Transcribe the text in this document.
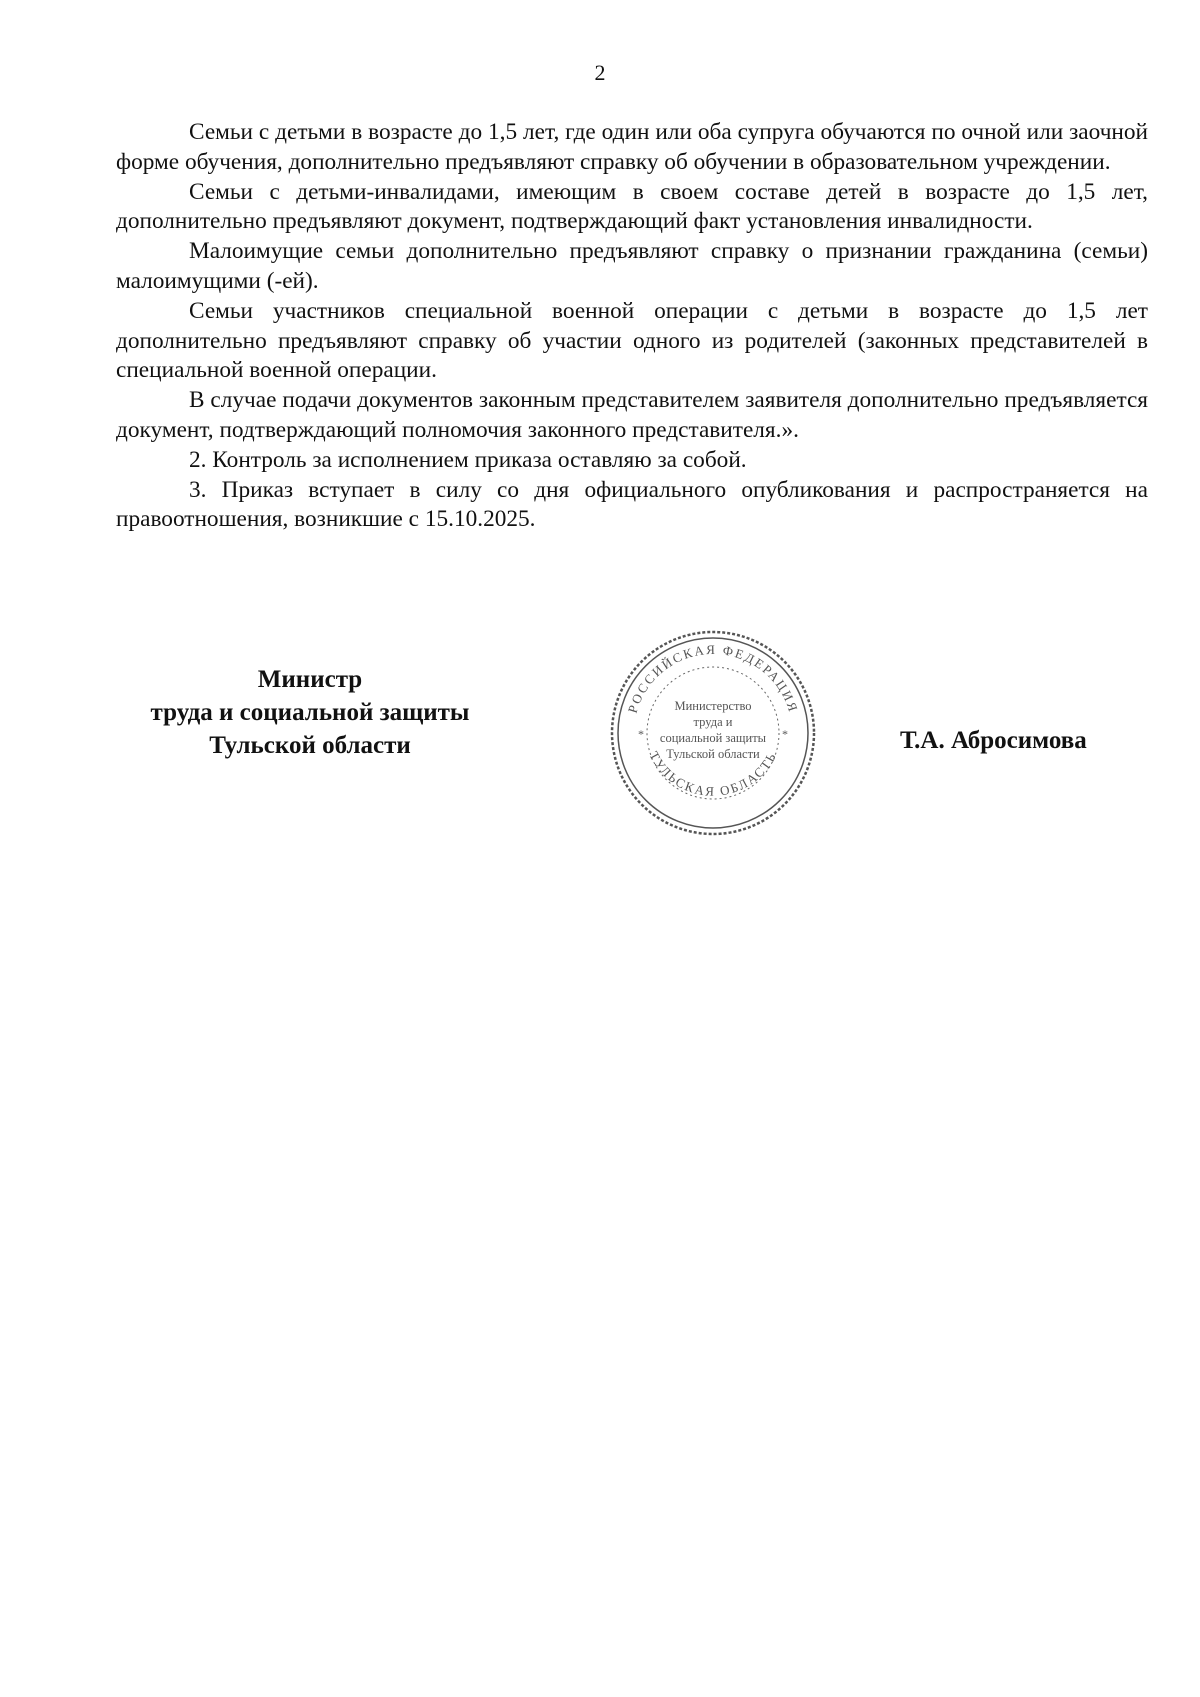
2

Семьи с детьми в возрасте до 1,5 лет, где один или оба супруга обучаются по очной или заочной форме обучения, дополнительно предъявляют справку об обучении в образовательном учреждении.

Семьи с детьми-инвалидами, имеющим в своем составе детей в возрасте до 1,5 лет, дополнительно предъявляют документ, подтверждающий факт установления инвалидности.

Малоимущие семьи дополнительно предъявляют справку о признании гражданина (семьи) малоимущими (-ей).

Семьи участников специальной военной операции с детьми в возрасте до 1,5 лет дополнительно предъявляют справку об участии одного из родителей (законных представителей в специальной военной операции.

В случае подачи документов законным представителем заявителя дополнительно предъявляется документ, подтверждающий полномочия законного представителя.».

2. Контроль за исполнением приказа оставляю за собой.

3. Приказ вступает в силу со дня официального опубликования и распространяется на правоотношения, возникшие с 15.10.2025.

Министр
труда и социальной защиты
Тульской области
РОССИЙСКАЯ ФЕДЕРАЦИЯ
ТУЛЬСКАЯ ОБЛАСТЬ
*	*
Министерство
труда и
социальной защиты
Тульской области	Т.А. Абросимова
